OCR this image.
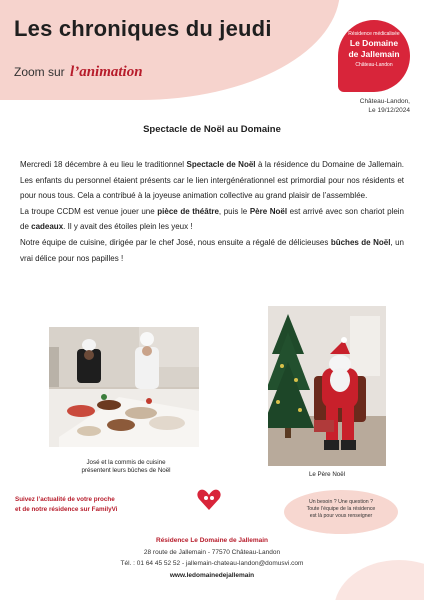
Les chroniques du jeudi
Zoom sur l’animation
Résidence médicalisée
Le Domaine
de Jallemain
Château-Landon
Château-Landon,
Le 19/12/2024
Spectacle de Noël au Domaine

Mercredi 18 décembre à eu lieu le traditionnel Spectacle de Noël à la résidence du Domaine de Jallemain. Les enfants du personnel étaient présents car le lien intergénérationnel est primordial pour nos résidents et pour nous tous. Cela a contribué à la joyeuse animation collective au grand plaisir de l’assemblée.

La troupe CCDM est venue jouer une pièce de théâtre, puis le Père Noël est arrivé avec son chariot plein de cadeaux. Il y avait des étoiles plein les yeux !

Notre équipe de cuisine, dirigée par le chef José, nous ensuite a régalé de délicieuses bûches de Noël, un vrai délice pour nos papilles !

José et la commis de cuisine
présentent leurs bûches de Noël
Le Père Noël
Suivez l’actualité de votre proche
et de notre résidence sur FamilyVi
Un besoin ? Une question ?
Toute l’équipe de la résidence
est là pour vous renseigner
Résidence Le Domaine de Jallemain
28 route de Jallemain - 77570 Château-Landon
Tél. : 01 64 45 52 52 - jallemain-chateau-landon@domusvi.com
www.ledomainedejallemain
